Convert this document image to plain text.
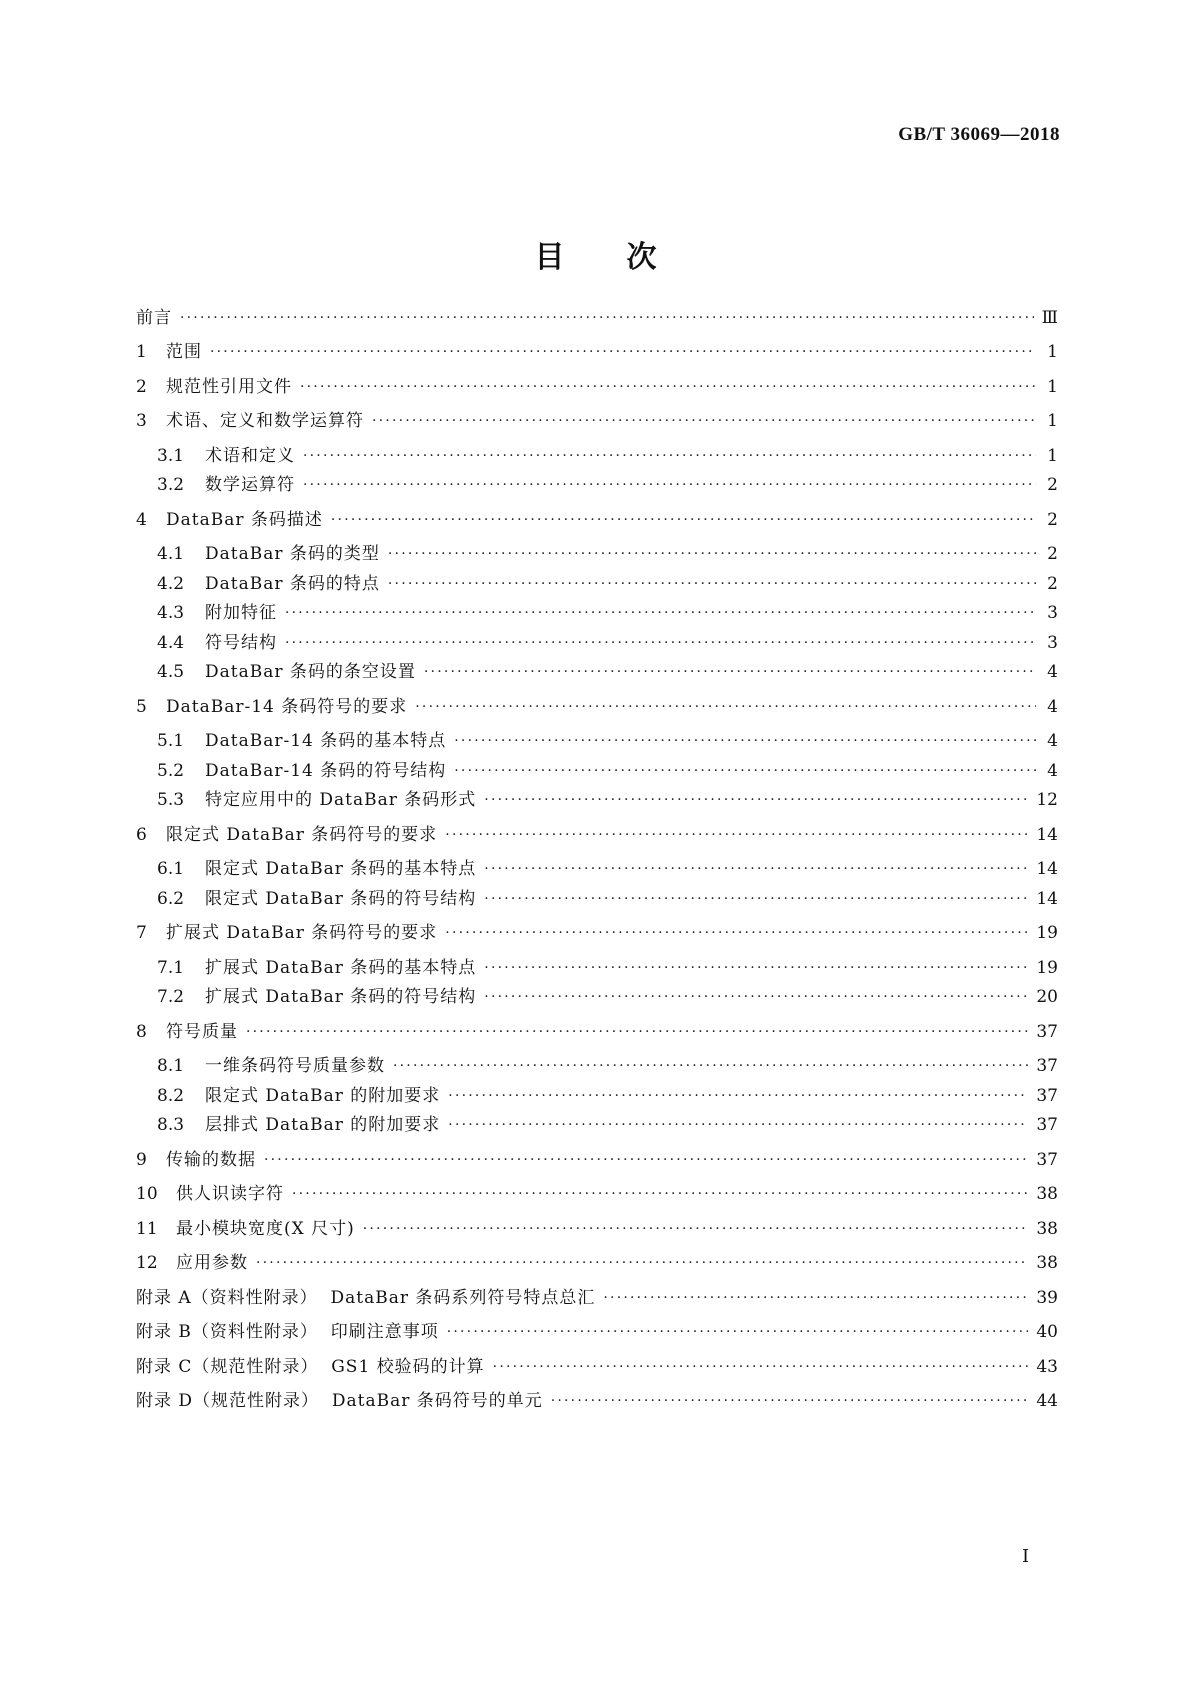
GB/T 36069—2018
目次
前言 ·····	Ⅲ
1	范围 ·····	1
2	规范性引用文件 ·····	1
3	术语、定义和数学运算符 ·····	1
3.1	术语和定义 ·····	1
3.2	数学运算符 ·····	2
4	DataBar 条码描述 ·····	2
4.1	DataBar 条码的类型 ·····	2
4.2	DataBar 条码的特点 ·····	2
4.3	附加特征 ·····	3
4.4	符号结构 ·····	3
4.5	DataBar 条码的条空设置 ·····	4
5	DataBar-14 条码符号的要求 ·····	4
5.1	DataBar-14 条码的基本特点 ·····	4
5.2	DataBar-14 条码的符号结构 ·····	4
5.3	特定应用中的 DataBar 条码形式 ·····	12
6	限定式 DataBar 条码符号的要求 ·····	14
6.1	限定式 DataBar 条码的基本特点 ·····	14
6.2	限定式 DataBar 条码的符号结构 ·····	14
7	扩展式 DataBar 条码符号的要求 ·····	19
7.1	扩展式 DataBar 条码的基本特点 ·····	19
7.2	扩展式 DataBar 条码的符号结构 ·····	20
8	符号质量 ·····	37
8.1	一维条码符号质量参数 ·····	37
8.2	限定式 DataBar 的附加要求 ·····	37
8.3	层排式 DataBar 的附加要求 ·····	37
9	传输的数据 ·····	37
10	供人识读字符 ·····	38
11	最小模块宽度(X 尺寸) ·····	38
12	应用参数 ·····	38
附录 A（资料性附录）  DataBar 条码系列符号特点总汇 ·····	39
附录 B（资料性附录）  印刷注意事项 ·····	40
附录 C（规范性附录）  GS1 校验码的计算 ·····	43
附录 D（规范性附录）  DataBar 条码符号的单元 ·····	44
I
